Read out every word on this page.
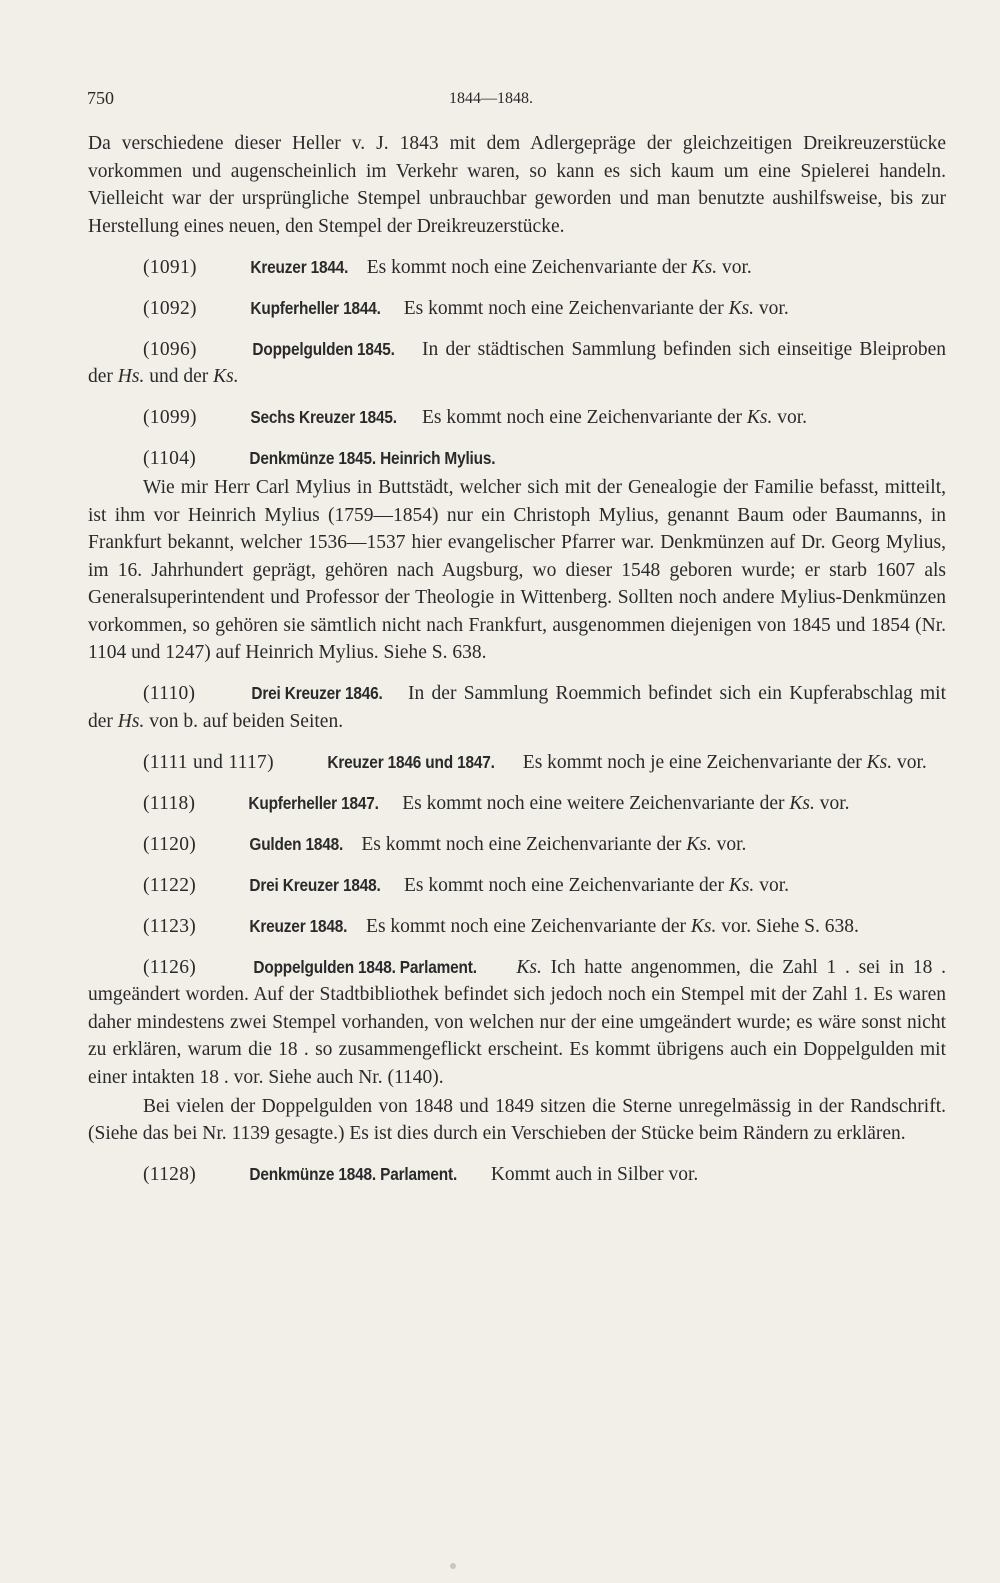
750	1844—1848.

Da verschiedene dieser Heller v. J. 1843 mit dem Adlergepräge der gleichzeitigen Dreikreuzerstücke vorkommen und augenscheinlich im Verkehr waren, so kann es sich kaum um eine Spielerei handeln. Vielleicht war der ursprüngliche Stempel unbrauchbar geworden und man benutzte aushilfsweise, bis zur Herstellung eines neuen, den Stempel der Dreikreuzerstücke.

(1091)	Kreuzer 1844. Es kommt noch eine Zeichenvariante der Ks. vor.

(1092)	Kupferheller 1844. Es kommt noch eine Zeichenvariante der Ks. vor.

(1096)	Doppelgulden 1845. In der städtischen Sammlung befinden sich einseitige Bleiproben der Hs. und der Ks.

(1099)	Sechs Kreuzer 1845. Es kommt noch eine Zeichenvariante der Ks. vor.

(1104)	Denkmünze 1845. Heinrich Mylius.

Wie mir Herr Carl Mylius in Buttstädt, welcher sich mit der Genealogie der Familie befasst, mitteilt, ist ihm vor Heinrich Mylius (1759—1854) nur ein Christoph Mylius, genannt Baum oder Baumanns, in Frankfurt bekannt, welcher 1536—1537 hier evangelischer Pfarrer war. Denkmünzen auf Dr. Georg Mylius, im 16. Jahrhundert geprägt, gehören nach Augsburg, wo dieser 1548 geboren wurde; er starb 1607 als Generalsuperintendent und Professor der Theologie in Wittenberg. Sollten noch andere Mylius-Denkmünzen vorkommen, so gehören sie sämtlich nicht nach Frankfurt, ausgenommen diejenigen von 1845 und 1854 (Nr. 1104 und 1247) auf Heinrich Mylius. Siehe S. 638.

(1110)	Drei Kreuzer 1846. In der Sammlung Roemmich befindet sich ein Kupferabschlag mit der Hs. von b. auf beiden Seiten.

(1111 und 1117)	Kreuzer 1846 und 1847. Es kommt noch je eine Zeichenvariante der Ks. vor.

(1118)	Kupferheller 1847. Es kommt noch eine weitere Zeichenvariante der Ks. vor.

(1120)	Gulden 1848. Es kommt noch eine Zeichenvariante der Ks. vor.

(1122)	Drei Kreuzer 1848. Es kommt noch eine Zeichenvariante der Ks. vor.

(1123)	Kreuzer 1848. Es kommt noch eine Zeichenvariante der Ks. vor. Siehe S. 638.

(1126)	Doppelgulden 1848. Parlament. Ks. Ich hatte angenommen, die Zahl 1 . sei in 18 . umgeändert worden. Auf der Stadtbibliothek befindet sich jedoch noch ein Stempel mit der Zahl 1. Es waren daher mindestens zwei Stempel vorhanden, von welchen nur der eine umgeändert wurde; es wäre sonst nicht zu erklären, warum die 18 . so zusammengeflickt erscheint. Es kommt übrigens auch ein Doppelgulden mit einer intakten 18 . vor. Siehe auch Nr. (1140).

Bei vielen der Doppelgulden von 1848 und 1849 sitzen die Sterne unregelmässig in der Randschrift. (Siehe das bei Nr. 1139 gesagte.) Es ist dies durch ein Verschieben der Stücke beim Rändern zu erklären.

(1128)	Denkmünze 1848. Parlament. Kommt auch in Silber vor.
